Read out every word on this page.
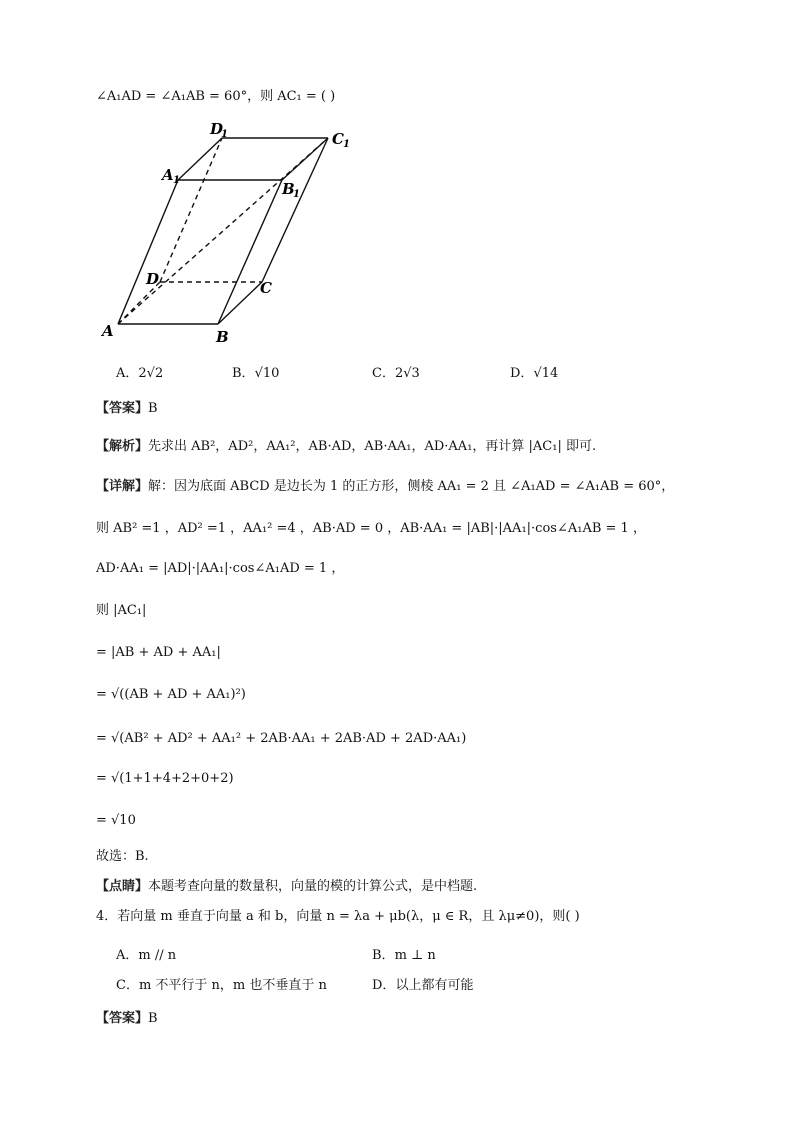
∠A₁AD = ∠A₁AB = 60°，则 AC₁ = ( )
A	B
C
D
A 1	B
1
C 1
D
1
A．2√2	B．√10	C．2√3	D．√14
【答案】B
【解析】先求出 AB²，AD²，AA₁²，AB·AD，AB·AA₁，AD·AA₁，再计算 |AC₁| 即可.
【详解】解：因为底面 ABCD 是边长为 1 的正方形，侧棱 AA₁ = 2 且 ∠A₁AD = ∠A₁AB = 60°，
则 AB² =1 ，AD² =1 ，AA₁² =4 ，AB·AD = 0 ，AB·AA₁ = |AB|·|AA₁|·cos∠A₁AB = 1 ，
AD·AA₁ = |AD|·|AA₁|·cos∠A₁AD = 1 ，
则 |AC₁|
= |AB + AD + AA₁|
= √((AB + AD + AA₁)²)
= √(AB² + AD² + AA₁² + 2AB·AA₁ + 2AB·AD + 2AD·AA₁)
= √(1+1+4+2+0+2)
= √10
故选：B.
【点睛】本题考查向量的数量积，向量的模的计算公式，是中档题.
4．若向量 m 垂直于向量 a 和 b，向量 n = λa + μb(λ，μ ∈ R，且 λμ≠0)，则( )
A．m // n	B．m ⊥ n
C．m 不平行于 n，m 也不垂直于 n	D．以上都有可能
【答案】B
